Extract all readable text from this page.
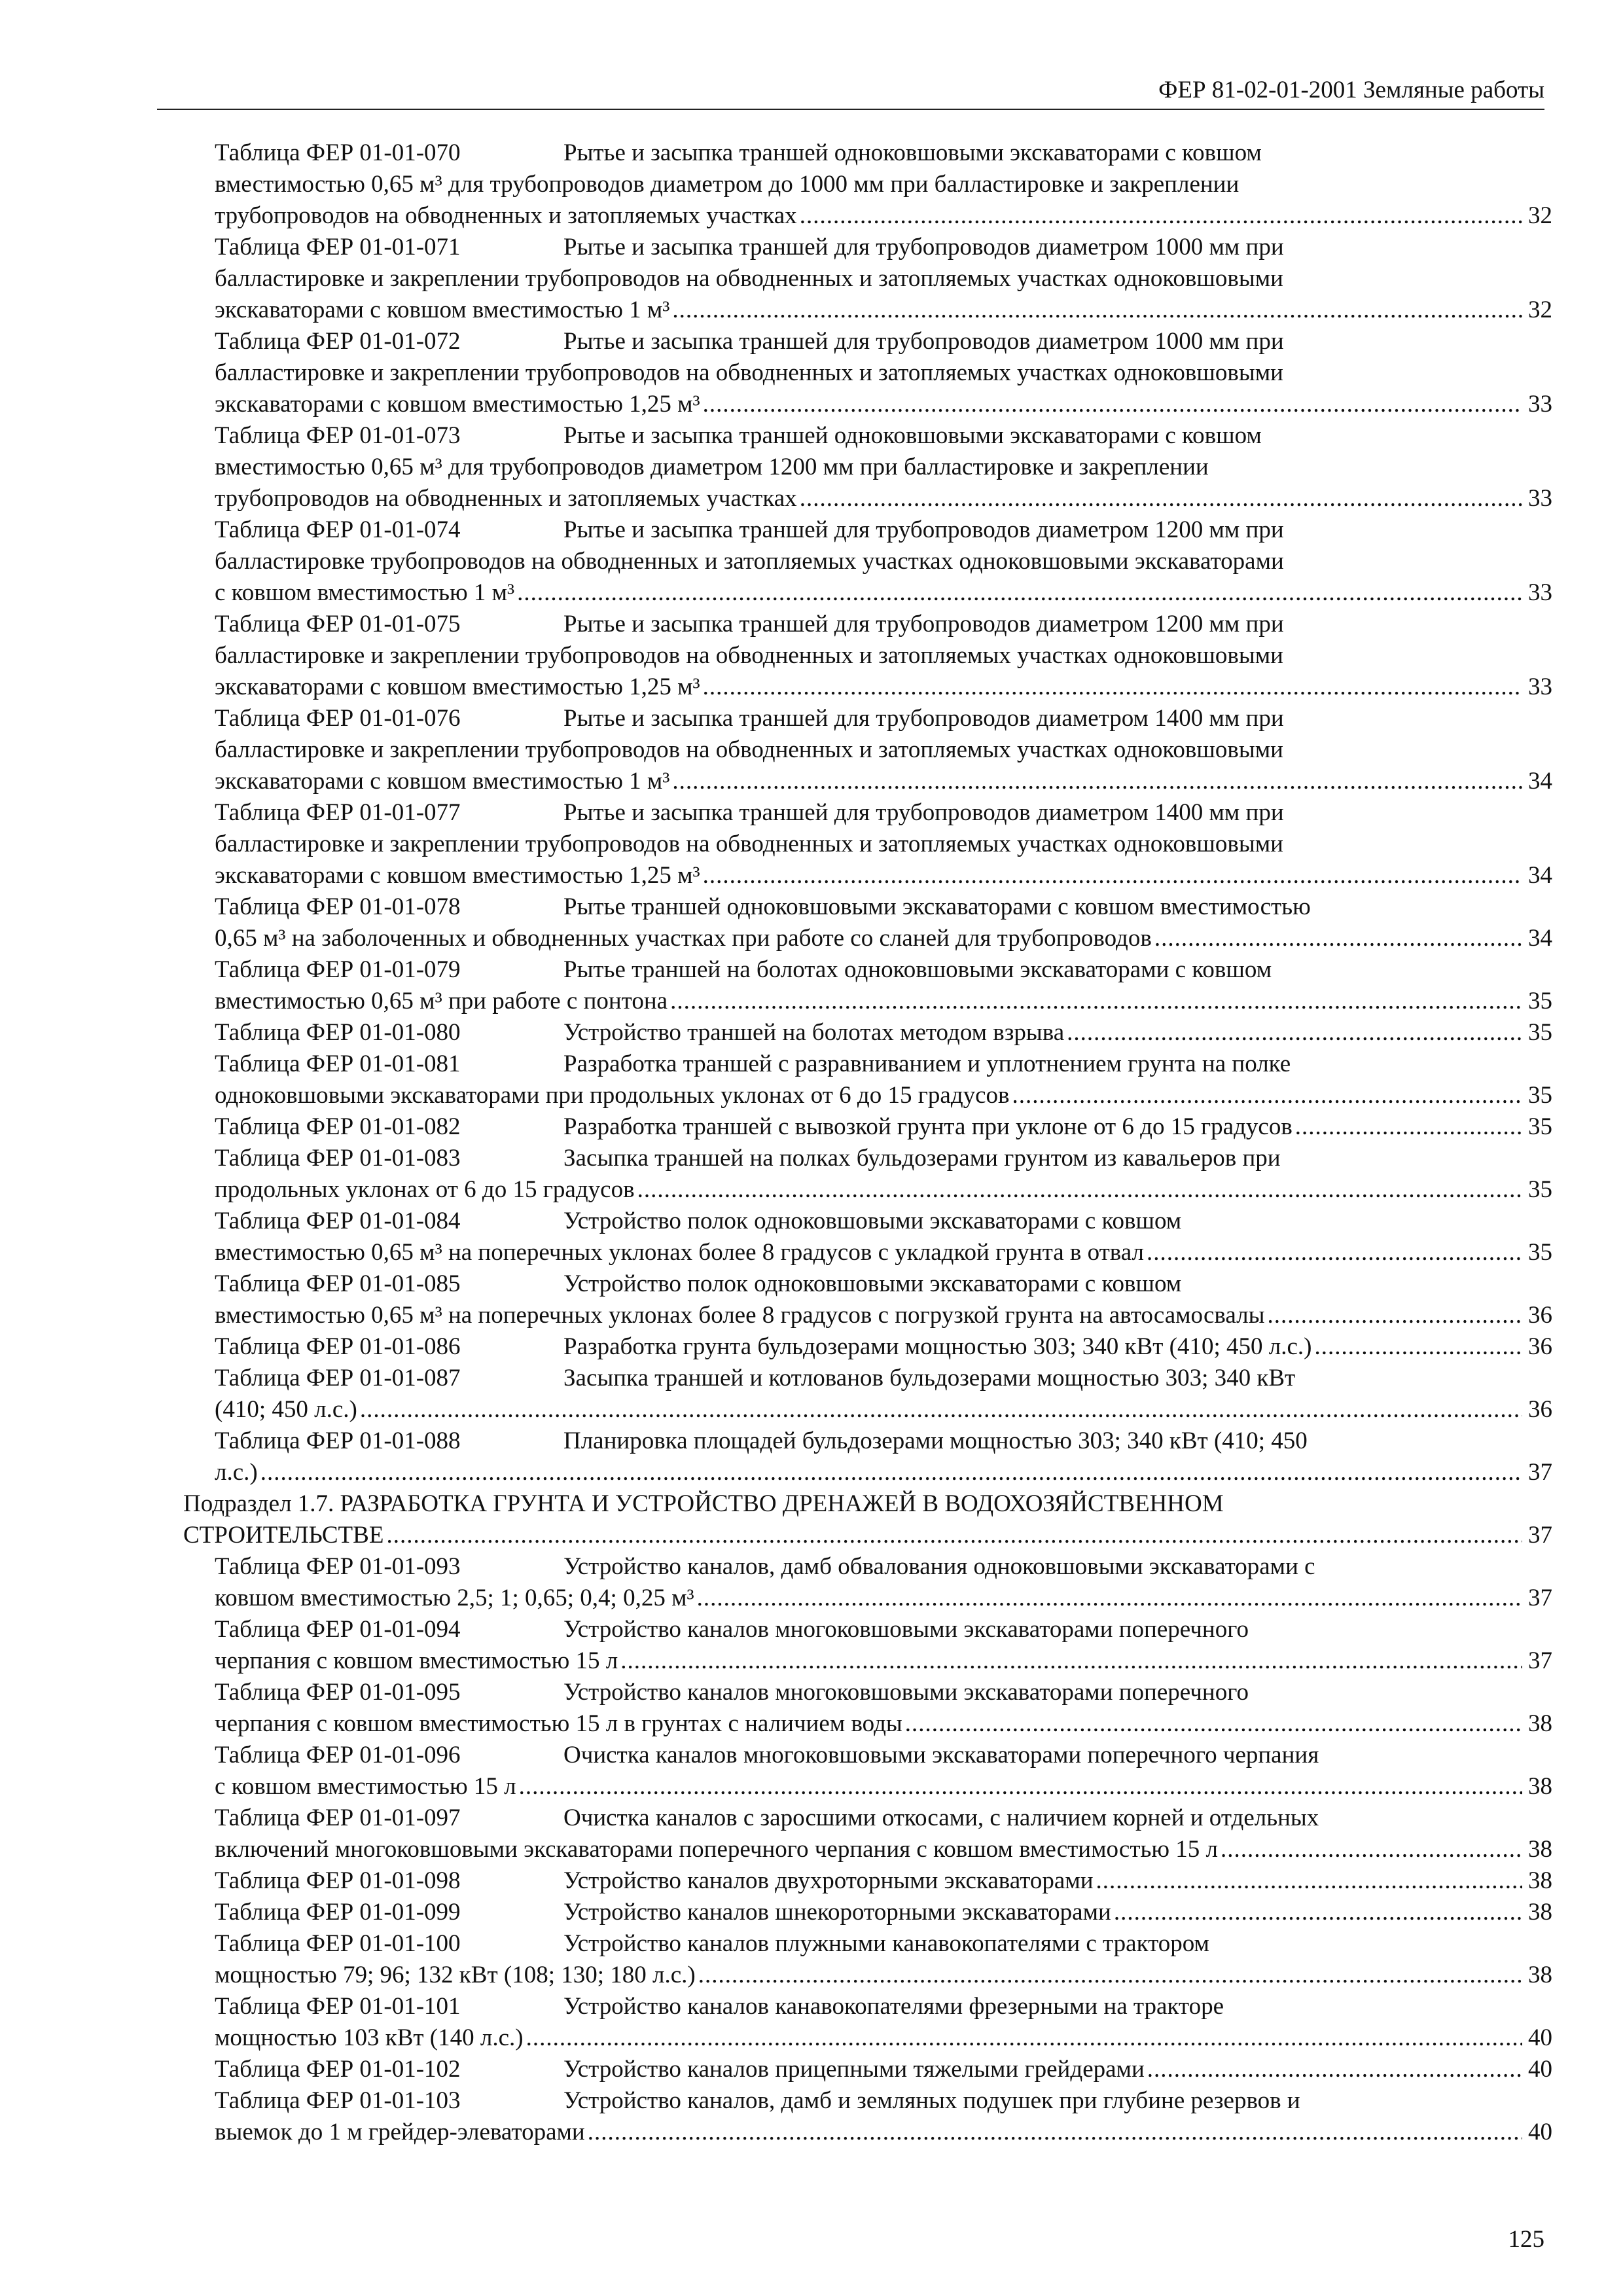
ФЕР 81-02-01-2001 Земляные работы
Таблица ФЕР 01-01-070	Рытье и засыпка траншей одноковшовыми экскаваторами с ковшом
вместимостью 0,65 м³ для трубопроводов диаметром до 1000 мм при балластировке и закреплении
трубопроводов на обводненных и затопляемых участках .....	32
Таблица ФЕР 01-01-071	Рытье и засыпка траншей для трубопроводов диаметром 1000 мм при
балластировке и закреплении трубопроводов на обводненных и затопляемых участках одноковшовыми
экскаваторами с ковшом вместимостью 1 м³ .....	32
Таблица ФЕР 01-01-072	Рытье и засыпка траншей для трубопроводов диаметром 1000 мм при
балластировке и закреплении трубопроводов на обводненных и затопляемых участках одноковшовыми
экскаваторами с ковшом вместимостью 1,25 м³ .....	33
Таблица ФЕР 01-01-073	Рытье и засыпка траншей одноковшовыми экскаваторами с ковшом
вместимостью 0,65 м³ для трубопроводов диаметром 1200 мм при балластировке и закреплении
трубопроводов на обводненных и затопляемых участках .....	33
Таблица ФЕР 01-01-074	Рытье и засыпка траншей для трубопроводов диаметром 1200 мм при
балластировке трубопроводов на обводненных и затопляемых участках одноковшовыми экскаваторами
с ковшом вместимостью 1 м³ .....	33
Таблица ФЕР 01-01-075	Рытье и засыпка траншей для трубопроводов диаметром 1200 мм при
балластировке и закреплении трубопроводов на обводненных и затопляемых участках одноковшовыми
экскаваторами с ковшом вместимостью 1,25 м³ .....	33
Таблица ФЕР 01-01-076	Рытье и засыпка траншей для трубопроводов диаметром 1400 мм при
балластировке и закреплении трубопроводов на обводненных и затопляемых участках одноковшовыми
экскаваторами с ковшом вместимостью 1 м³ .....	34
Таблица ФЕР 01-01-077	Рытье и засыпка траншей для трубопроводов диаметром 1400 мм при
балластировке и закреплении трубопроводов на обводненных и затопляемых участках одноковшовыми
экскаваторами с ковшом вместимостью 1,25 м³ .....	34
Таблица ФЕР 01-01-078	Рытье траншей одноковшовыми экскаваторами с ковшом вместимостью
0,65 м³ на заболоченных и обводненных участках при работе со сланей для трубопроводов .....	34
Таблица ФЕР 01-01-079	Рытье траншей на болотах одноковшовыми экскаваторами с ковшом
вместимостью 0,65 м³ при работе с понтона .....	35
Таблица ФЕР 01-01-080	Устройство траншей на болотах методом взрыва .....	35
Таблица ФЕР 01-01-081	Разработка траншей с разравниванием и уплотнением грунта на полке
одноковшовыми экскаваторами при продольных уклонах от 6 до 15 градусов .....	35
Таблица ФЕР 01-01-082	Разработка траншей с вывозкой грунта при уклоне от 6 до 15 градусов .....	35
Таблица ФЕР 01-01-083	Засыпка траншей на полках бульдозерами грунтом из кавальеров при
продольных уклонах от 6 до 15 градусов .....	35
Таблица ФЕР 01-01-084	Устройство полок одноковшовыми экскаваторами с ковшом
вместимостью 0,65 м³ на поперечных уклонах более 8 градусов с укладкой грунта в отвал .....	35
Таблица ФЕР 01-01-085	Устройство полок одноковшовыми экскаваторами с ковшом
вместимостью 0,65 м³ на поперечных уклонах более 8 градусов с погрузкой грунта на автосамосвалы .....	36
Таблица ФЕР 01-01-086	Разработка грунта бульдозерами мощностью 303; 340 кВт (410; 450 л.с.) .....	36
Таблица ФЕР 01-01-087	Засыпка траншей и котлованов бульдозерами мощностью 303; 340 кВт
(410; 450 л.с.) .....	36
Таблица ФЕР 01-01-088	Планировка площадей бульдозерами мощностью 303; 340 кВт (410; 450
л.с.) .....	37
Подраздел 1.7. РАЗРАБОТКА ГРУНТА И УСТРОЙСТВО ДРЕНАЖЕЙ В ВОДОХОЗЯЙСТВЕННОМ
СТРОИТЕЛЬСТВЕ .....	37
Таблица ФЕР 01-01-093	Устройство каналов, дамб обвалования одноковшовыми экскаваторами с
ковшом вместимостью 2,5; 1; 0,65; 0,4; 0,25 м³ .....	37
Таблица ФЕР 01-01-094	Устройство каналов многоковшовыми экскаваторами поперечного
черпания с ковшом вместимостью 15 л .....	37
Таблица ФЕР 01-01-095	Устройство каналов многоковшовыми экскаваторами поперечного
черпания с ковшом вместимостью 15 л в грунтах с наличием воды .....	38
Таблица ФЕР 01-01-096	Очистка каналов многоковшовыми экскаваторами поперечного черпания
с ковшом вместимостью 15 л .....	38
Таблица ФЕР 01-01-097	Очистка каналов с заросшими откосами, с наличием корней и отдельных
включений многоковшовыми экскаваторами поперечного черпания с ковшом вместимостью 15 л .....	38
Таблица ФЕР 01-01-098	Устройство каналов двухроторными экскаваторами .....	38
Таблица ФЕР 01-01-099	Устройство каналов шнекороторными экскаваторами .....	38
Таблица ФЕР 01-01-100	Устройство каналов плужными канавокопателями с трактором
мощностью 79; 96; 132 кВт (108; 130; 180 л.с.) .....	38
Таблица ФЕР 01-01-101	Устройство каналов канавокопателями фрезерными на тракторе
мощностью 103 кВт (140 л.с.) .....	40
Таблица ФЕР 01-01-102	Устройство каналов прицепными тяжелыми грейдерами .....	40
Таблица ФЕР 01-01-103	Устройство каналов, дамб и земляных подушек при глубине резервов и
выемок до 1 м грейдер-элеваторами .....	40
125
